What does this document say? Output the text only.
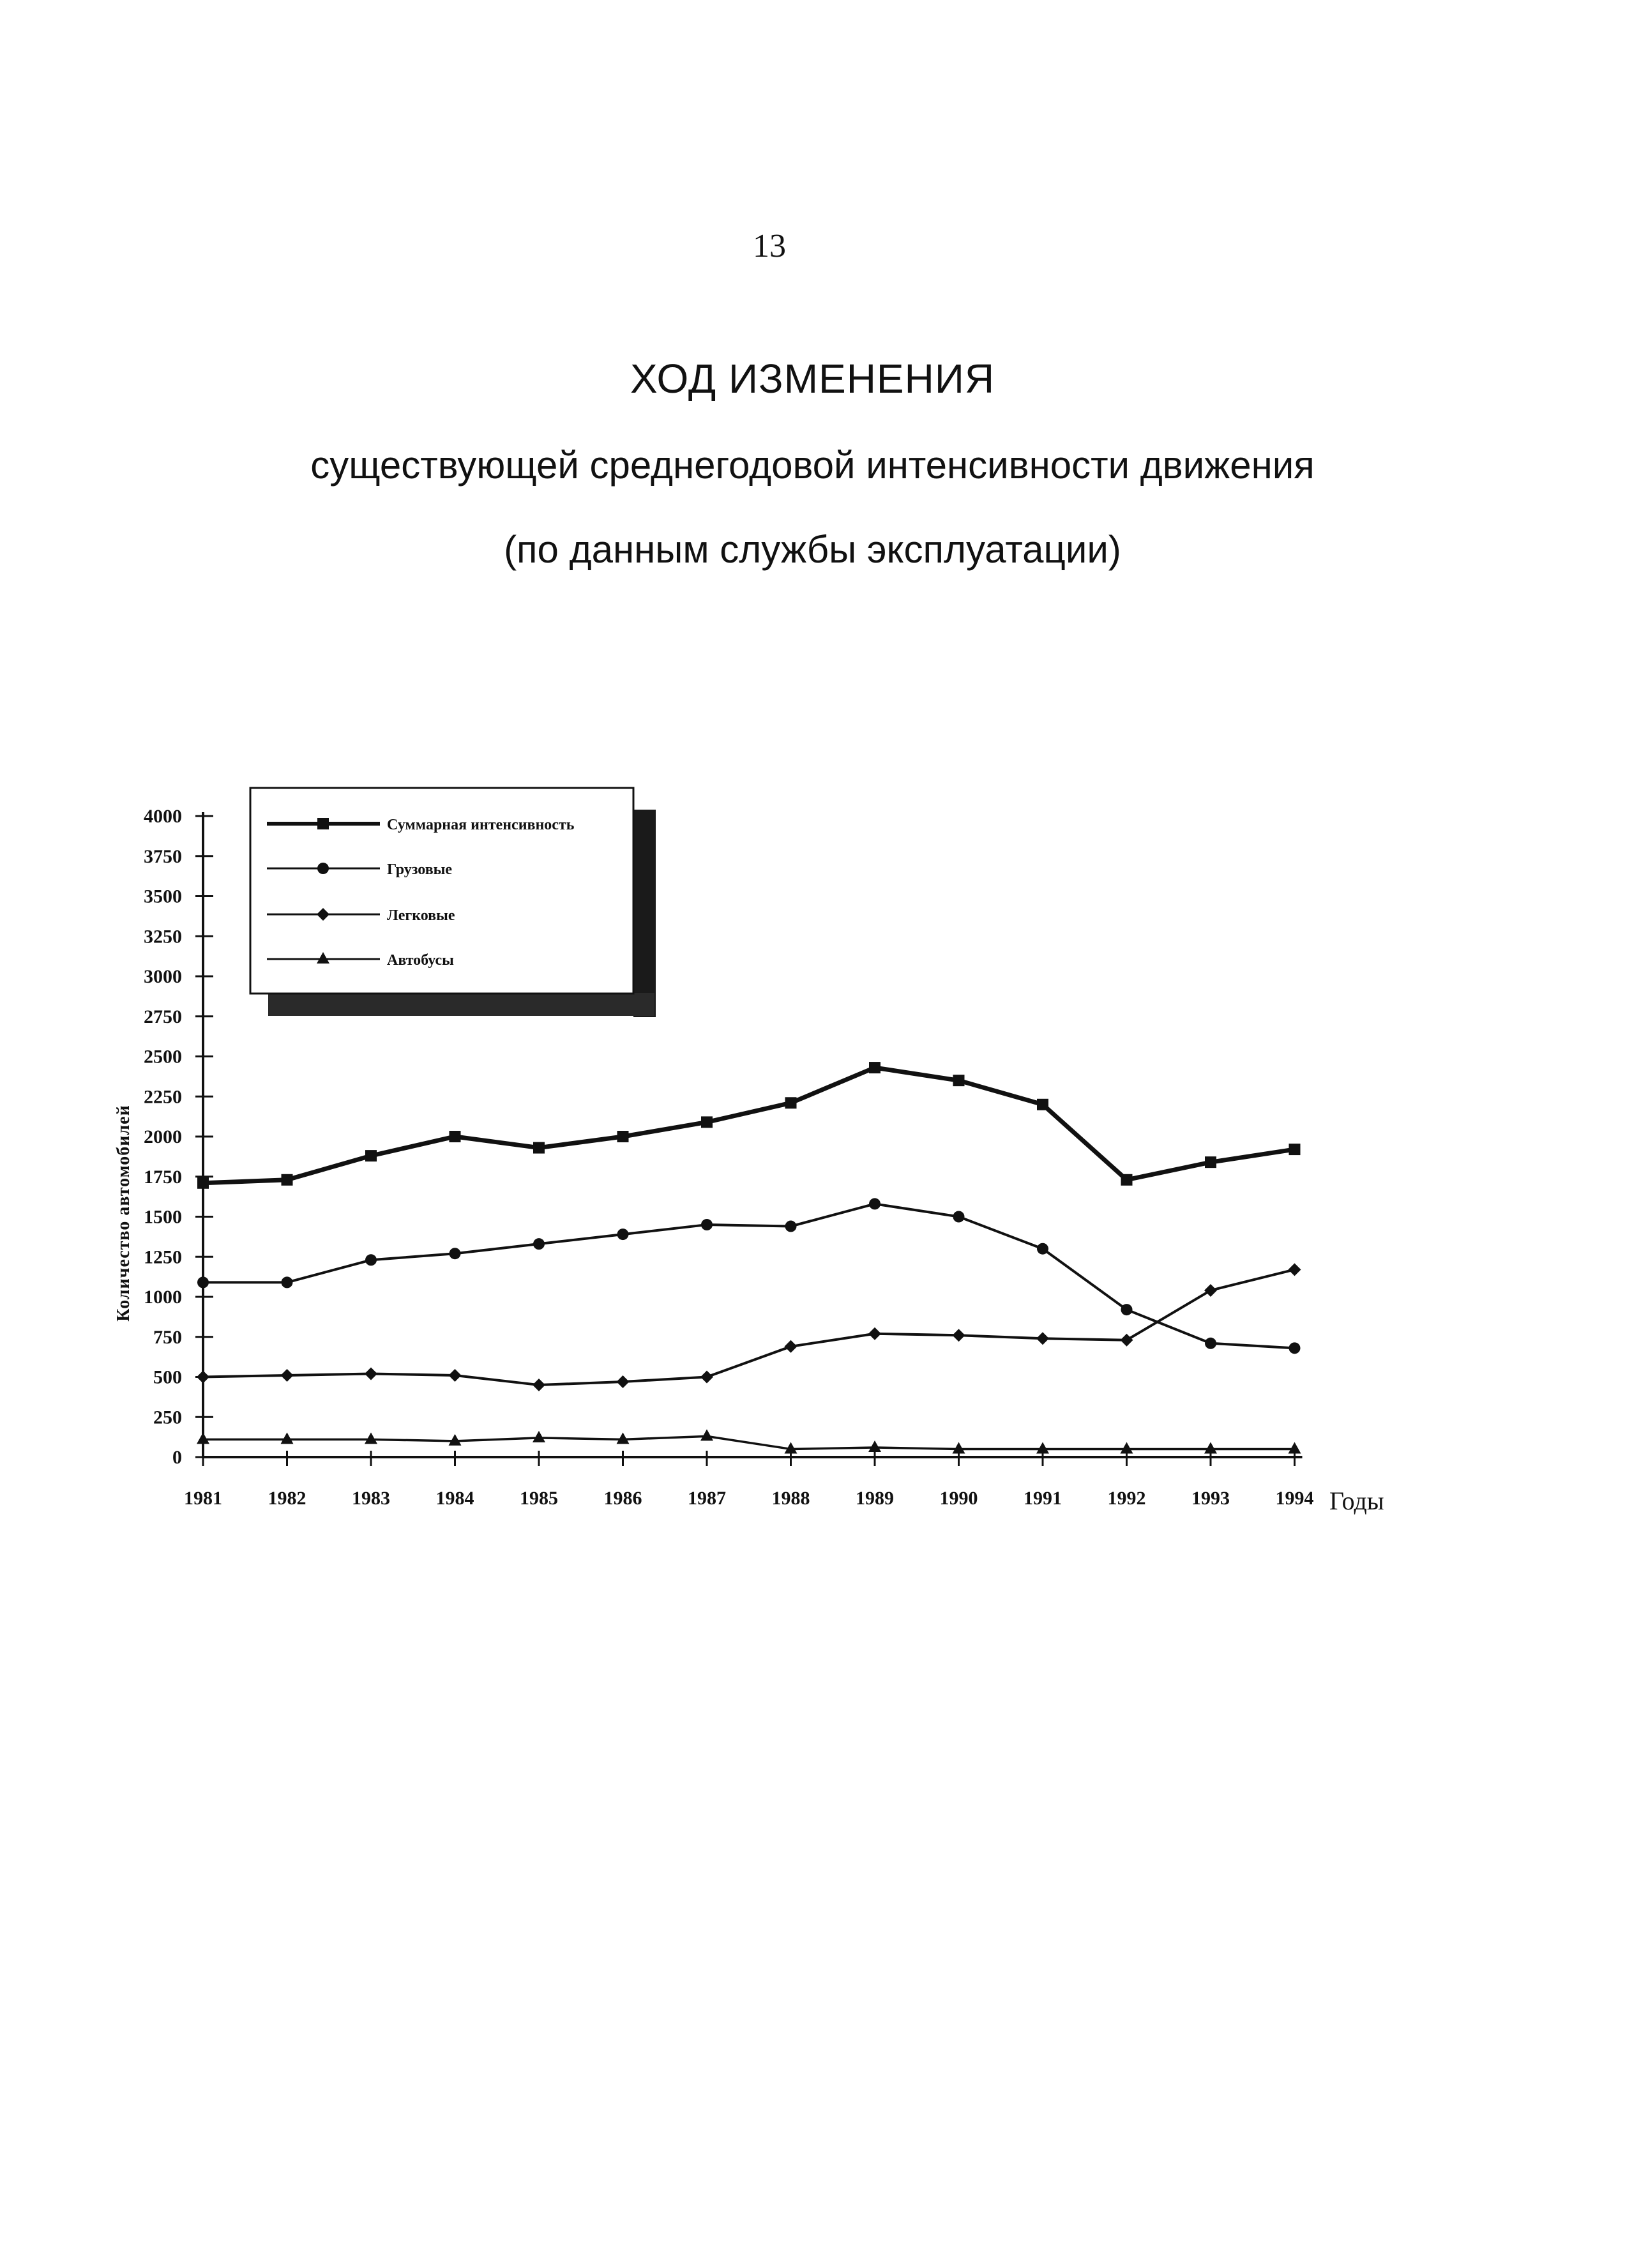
13
ХОД ИЗМЕНЕНИЯ
существующей среднегодовой интенсивности движения
(по данным службы эксплуатации)
0
250
500
750
1000
1250
1500
1750
2000
2250
2500
2750
3000
3250
3500
3750
4000
1981 1982 1983 1984 1985 1986 1987 1988 1989 1990 1991 1992 1993 1994
Суммарная интенсивность
Грузовые
Легковые
Автобусы
Количество автомобилей
Годы
